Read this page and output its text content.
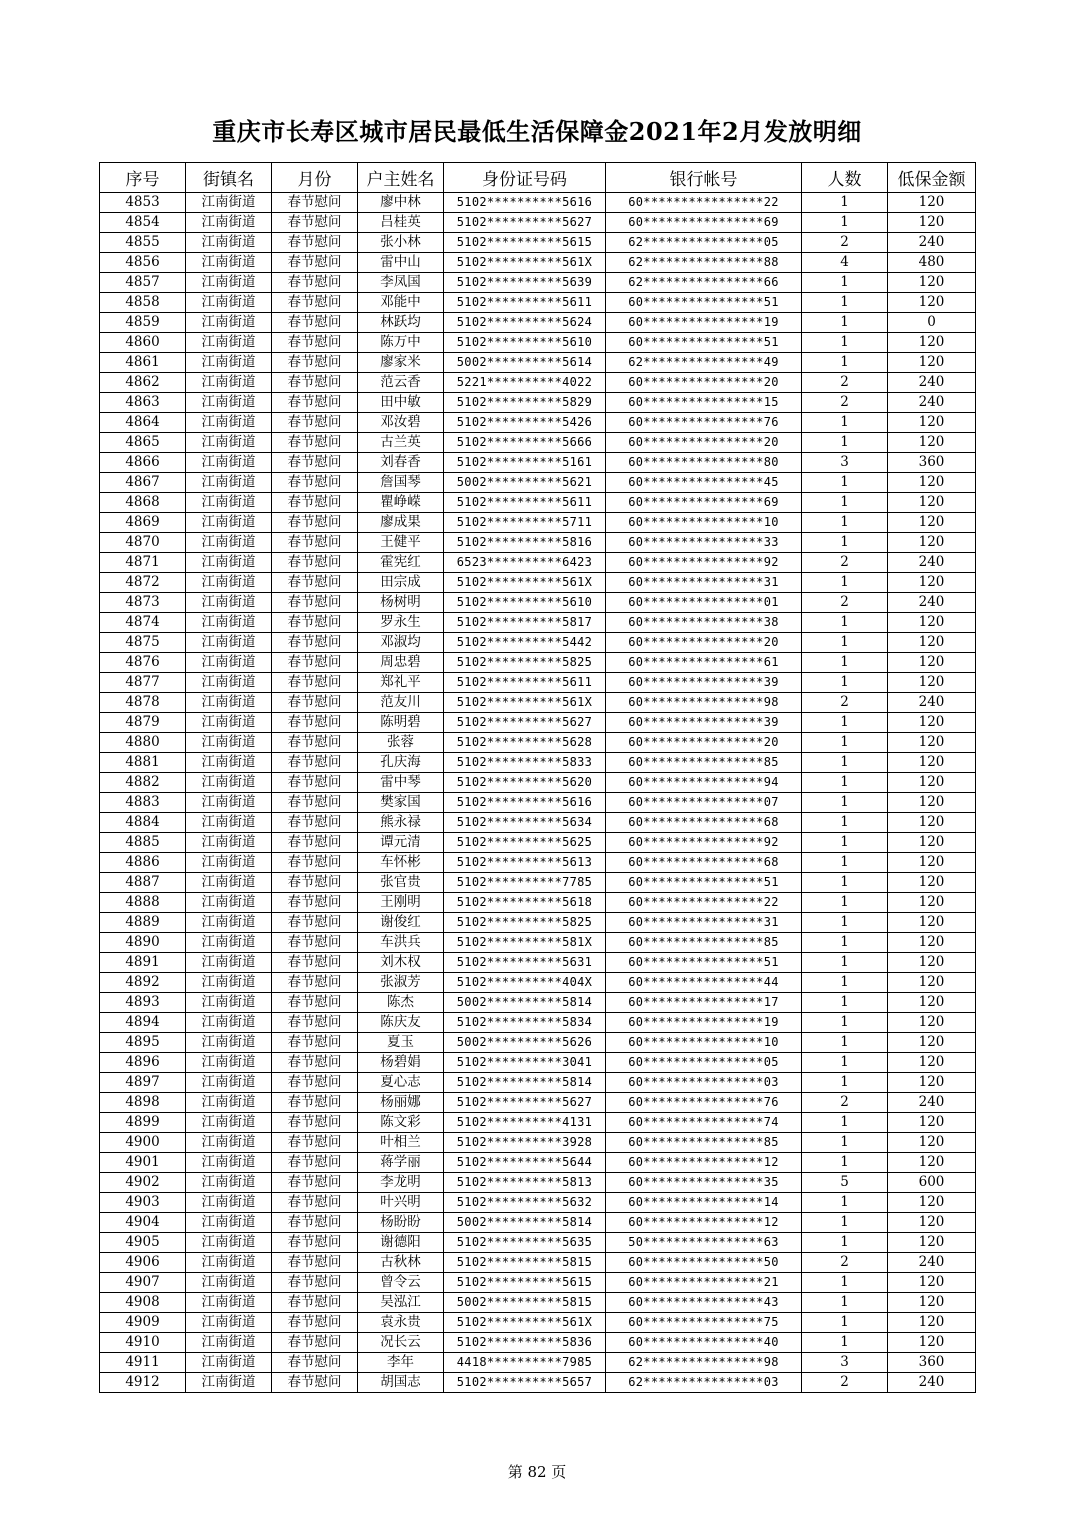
重庆市长寿区城市居民最低生活保障金2021年2月发放明细
序号	街镇名	月份	户主姓名	身份证号码	银行帐号	人数	低保金额
4853	江南街道	春节慰问	廖中林	5102**********5616	60****************22	1	120
4854	江南街道	春节慰问	吕桂英	5102**********5627	60****************69	1	120
4855	江南街道	春节慰问	张小林	5102**********5615	62****************05	2	240
4856	江南街道	春节慰问	雷中山	5102**********561X	62****************88	4	480
4857	江南街道	春节慰问	李凤国	5102**********5639	62****************66	1	120
4858	江南街道	春节慰问	邓能中	5102**********5611	60****************51	1	120
4859	江南街道	春节慰问	林跃均	5102**********5624	60****************19	1	0
4860	江南街道	春节慰问	陈万中	5102**********5610	60****************51	1	120
4861	江南街道	春节慰问	廖家米	5002**********5614	62****************49	1	120
4862	江南街道	春节慰问	范云香	5221**********4022	60****************20	2	240
4863	江南街道	春节慰问	田中敏	5102**********5829	60****************15	2	240
4864	江南街道	春节慰问	邓汝碧	5102**********5426	60****************76	1	120
4865	江南街道	春节慰问	古兰英	5102**********5666	60****************20	1	120
4866	江南街道	春节慰问	刘春香	5102**********5161	60****************80	3	360
4867	江南街道	春节慰问	詹国琴	5002**********5621	60****************45	1	120
4868	江南街道	春节慰问	瞿峥嵘	5102**********5611	60****************69	1	120
4869	江南街道	春节慰问	廖成果	5102**********5711	60****************10	1	120
4870	江南街道	春节慰问	王健平	5102**********5816	60****************33	1	120
4871	江南街道	春节慰问	霍宪红	6523**********6423	60****************92	2	240
4872	江南街道	春节慰问	田宗成	5102**********561X	60****************31	1	120
4873	江南街道	春节慰问	杨树明	5102**********5610	60****************01	2	240
4874	江南街道	春节慰问	罗永生	5102**********5817	60****************38	1	120
4875	江南街道	春节慰问	邓淑均	5102**********5442	60****************20	1	120
4876	江南街道	春节慰问	周忠碧	5102**********5825	60****************61	1	120
4877	江南街道	春节慰问	郑礼平	5102**********5611	60****************39	1	120
4878	江南街道	春节慰问	范友川	5102**********561X	60****************98	2	240
4879	江南街道	春节慰问	陈明碧	5102**********5627	60****************39	1	120
4880	江南街道	春节慰问	张蓉	5102**********5628	60****************20	1	120
4881	江南街道	春节慰问	孔庆海	5102**********5833	60****************85	1	120
4882	江南街道	春节慰问	雷中琴	5102**********5620	60****************94	1	120
4883	江南街道	春节慰问	樊家国	5102**********5616	60****************07	1	120
4884	江南街道	春节慰问	熊永禄	5102**********5634	60****************68	1	120
4885	江南街道	春节慰问	谭元清	5102**********5625	60****************92	1	120
4886	江南街道	春节慰问	车怀彬	5102**********5613	60****************68	1	120
4887	江南街道	春节慰问	张官贵	5102**********7785	60****************51	1	120
4888	江南街道	春节慰问	王刚明	5102**********5618	60****************22	1	120
4889	江南街道	春节慰问	谢俊红	5102**********5825	60****************31	1	120
4890	江南街道	春节慰问	车洪兵	5102**********581X	60****************85	1	120
4891	江南街道	春节慰问	刘木权	5102**********5631	60****************51	1	120
4892	江南街道	春节慰问	张淑芳	5102**********404X	60****************44	1	120
4893	江南街道	春节慰问	陈杰	5002**********5814	60****************17	1	120
4894	江南街道	春节慰问	陈庆友	5102**********5834	60****************19	1	120
4895	江南街道	春节慰问	夏玉	5002**********5626	60****************10	1	120
4896	江南街道	春节慰问	杨碧娟	5102**********3041	60****************05	1	120
4897	江南街道	春节慰问	夏心志	5102**********5814	60****************03	1	120
4898	江南街道	春节慰问	杨丽娜	5102**********5627	60****************76	2	240
4899	江南街道	春节慰问	陈文彩	5102**********4131	60****************74	1	120
4900	江南街道	春节慰问	叶相兰	5102**********3928	60****************85	1	120
4901	江南街道	春节慰问	蒋学丽	5102**********5644	60****************12	1	120
4902	江南街道	春节慰问	李龙明	5102**********5813	60****************35	5	600
4903	江南街道	春节慰问	叶兴明	5102**********5632	60****************14	1	120
4904	江南街道	春节慰问	杨盼盼	5002**********5814	60****************12	1	120
4905	江南街道	春节慰问	谢德阳	5102**********5635	50****************63	1	120
4906	江南街道	春节慰问	古秋林	5102**********5815	60****************50	2	240
4907	江南街道	春节慰问	曾令云	5102**********5615	60****************21	1	120
4908	江南街道	春节慰问	吴泓江	5002**********5815	60****************43	1	120
4909	江南街道	春节慰问	袁永贵	5102**********561X	60****************75	1	120
4910	江南街道	春节慰问	况长云	5102**********5836	60****************40	1	120
4911	江南街道	春节慰问	李年	4418**********7985	62****************98	3	360
4912	江南街道	春节慰问	胡国志	5102**********5657	62****************03	2	240
第 82 页
